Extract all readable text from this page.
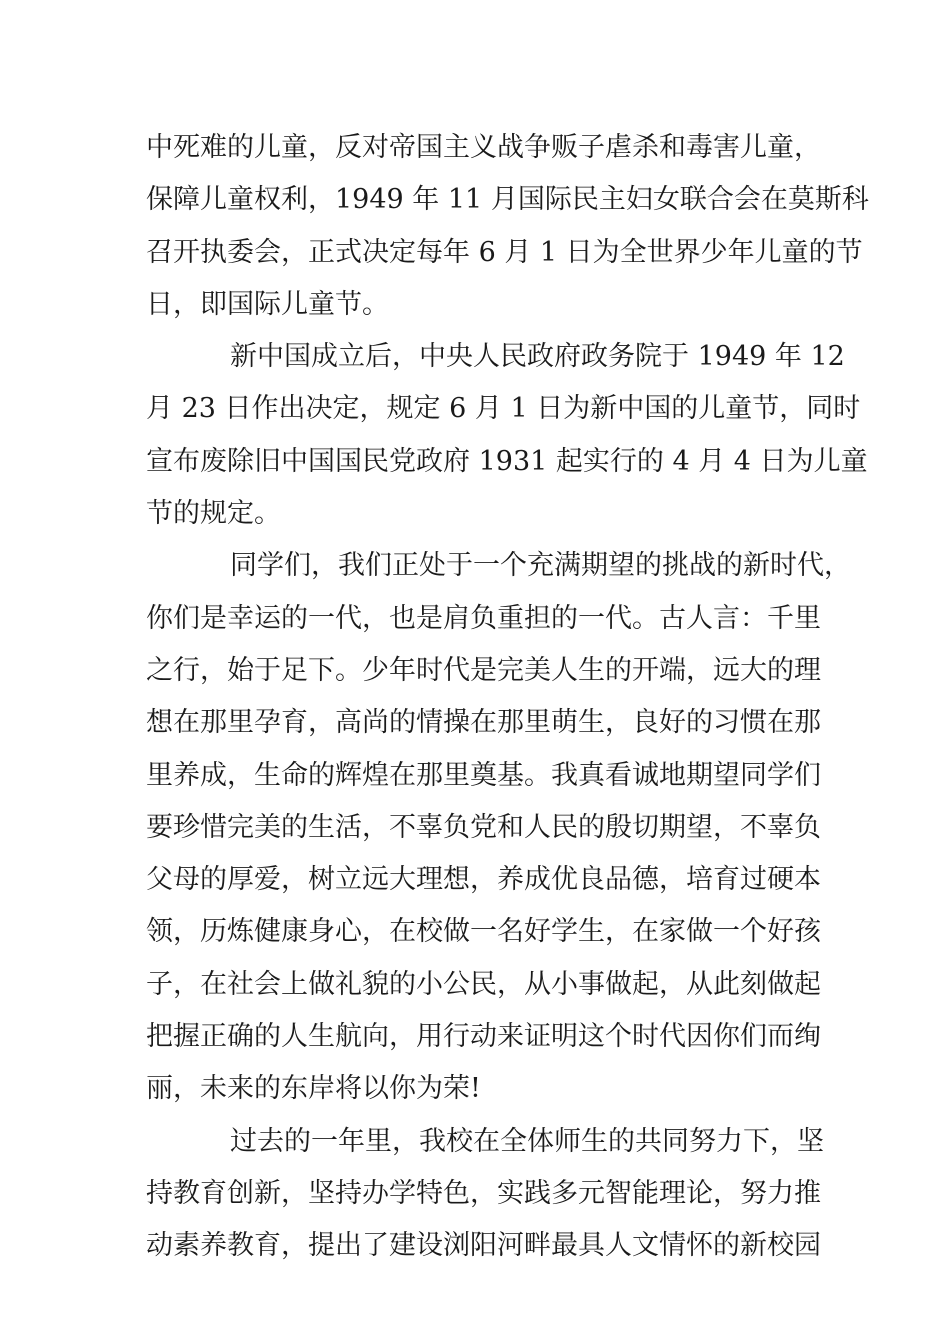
中死难的儿童，反对帝国主义战争贩子虐杀和毒害儿童，
保障儿童权利，1949 年 11 月国际民主妇女联合会在莫斯科
召开执委会，正式决定每年 6 月 1 日为全世界少年儿童的节
日，即国际儿童节。
新中国成立后，中央人民政府政务院于 1949 年 12
月 23 日作出决定，规定 6 月 1 日为新中国的儿童节，同时
宣布废除旧中国国民党政府 1931 起实行的 4 月 4 日为儿童
节的规定。
同学们，我们正处于一个充满期望的挑战的新时代，
你们是幸运的一代，也是肩负重担的一代。古人言：千里
之行，始于足下。少年时代是完美人生的开端，远大的理
想在那里孕育，高尚的情操在那里萌生，良好的习惯在那
里养成，生命的辉煌在那里奠基。我真看诚地期望同学们
要珍惜完美的生活，不辜负党和人民的殷切期望，不辜负
父母的厚爱，树立远大理想，养成优良品德，培育过硬本
领，历炼健康身心，在校做一名好学生，在家做一个好孩
子，在社会上做礼貌的小公民，从小事做起，从此刻做起
把握正确的人生航向，用行动来证明这个时代因你们而绚
丽，未来的东岸将以你为荣!
过去的一年里，我校在全体师生的共同努力下，坚
持教育创新，坚持办学特色，实践多元智能理论，努力推
动素养教育，提出了建设浏阳河畔最具人文情怀的新校园
